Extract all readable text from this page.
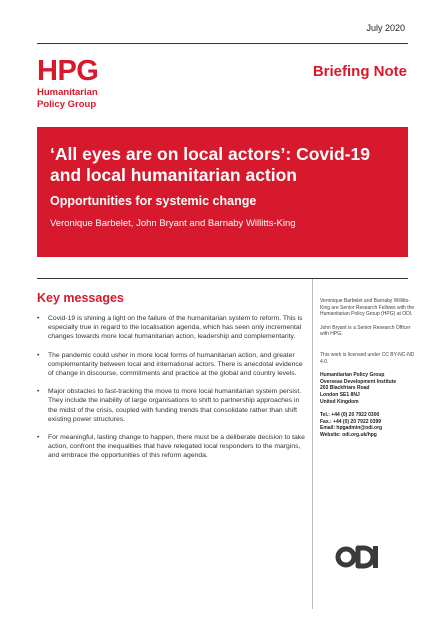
July 2020
HPG
Humanitarian
Policy Group
Briefing Note
‘All eyes are on local actors’: Covid-19 and local humanitarian action
Opportunities for systemic change
Veronique Barbelet, John Bryant and Barnaby Willitts-King
Key messages
• Covid-19 is shining a light on the failure of the humanitarian system to reform. This is especially true in regard to the localisation agenda, which has seen only incremental changes towards more local humanitarian action, leadership and complementarity.
• The pandemic could usher in more local forms of humanitarian action, and greater complementarity between local and international actors. There is anecdotal evidence of change in discourse, commitments and practice at the global and country levels.
• Major obstacles to fast-tracking the move to more local humanitarian system persist. They include the inability of large organisations to shift to partnership approaches in the midst of the crisis, coupled with funding trends that consolidate rather than shift existing power structures.
• For meaningful, lasting change to happen, there must be a deliberate decision to take action, confront the inequalities that have relegated local responders to the margins, and embrace the opportunities of this reform agenda.

Veronique Barbelet and Barnaby Willitts-King are Senior Research Fellows with the Humanitarian Policy Group (HPG) at ODI.

John Bryant is a Senior Research Officer with HPG.

This work is licensed under CC BY-NC-ND 4.0.

Humanitarian Policy Group
Overseas Development Institute
203 Blackfriars Road
London SE1 8NJ
United Kingdom
Tel.: +44 (0) 20 7922 0300
Fax.: +44 (0) 20 7922 0399
Email: hpgadmin@odi.org
Website: odi.org.uk/hpg
